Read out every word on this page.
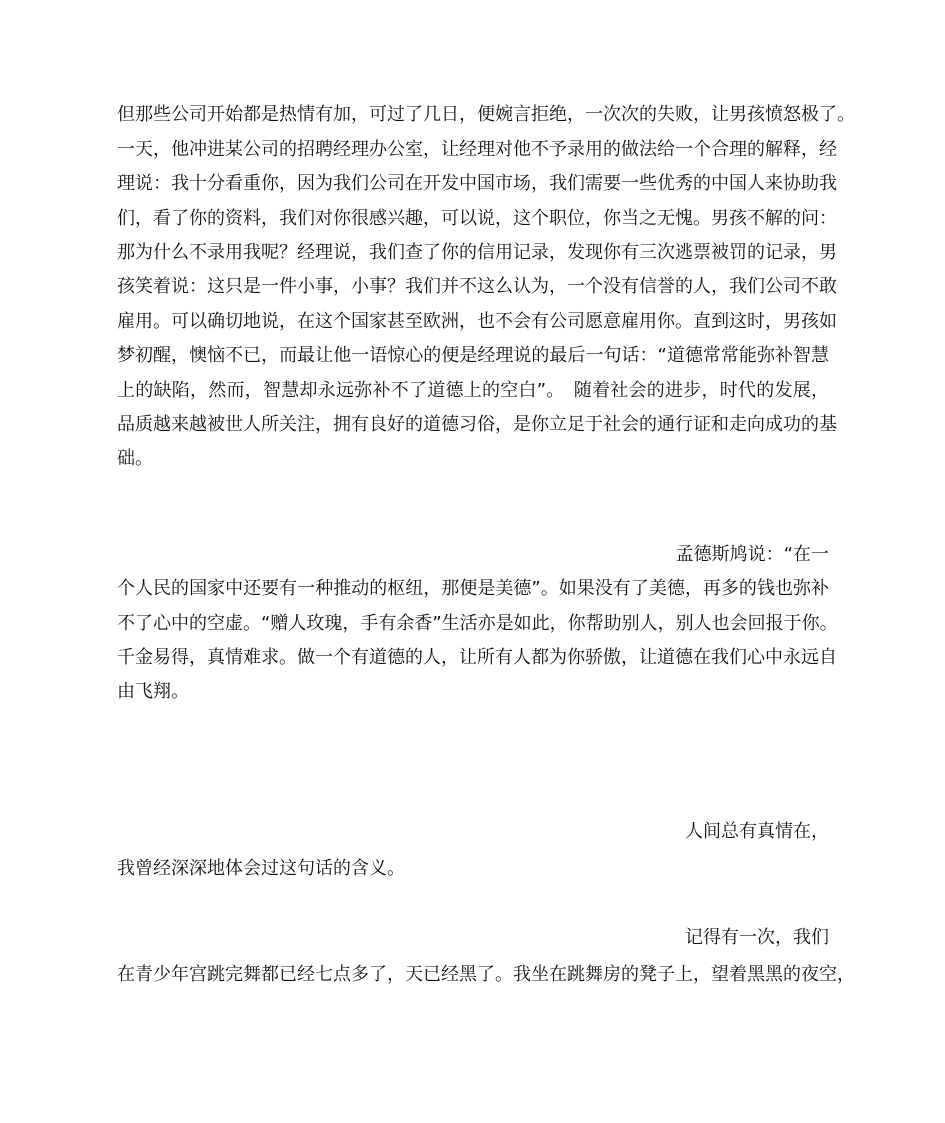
但那些公司开始都是热情有加，可过了几日，便婉言拒绝，一次次的失败，让男孩愤怒极了。
一天，他冲进某公司的招聘经理办公室，让经理对他不予录用的做法给一个合理的解释，经
理说：我十分看重你，因为我们公司在开发中国市场，我们需要一些优秀的中国人来协助我
们，看了你的资料，我们对你很感兴趣，可以说，这个职位，你当之无愧。男孩不解的问：
那为什么不录用我呢？经理说，我们查了你的信用记录，发现你有三次逃票被罚的记录，男
孩笑着说：这只是一件小事，小事？我们并不这么认为，一个没有信誉的人，我们公司不敢
雇用。可以确切地说，在这个国家甚至欧洲，也不会有公司愿意雇用你。直到这时，男孩如
梦初醒，懊恼不已，而最让他一语惊心的便是经理说的最后一句话：“道德常常能弥补智慧
上的缺陷，然而，智慧却永远弥补不了道德上的空白”。　随着社会的进步，时代的发展，
品质越来越被世人所关注，拥有良好的道德习俗，是你立足于社会的通行证和走向成功的基
础。
孟德斯鸠说：“在一
个人民的国家中还要有一种推动的枢纽，那便是美德”。如果没有了美德，再多的钱也弥补
不了心中的空虚。“赠人玫瑰，手有余香”生活亦是如此，你帮助别人，别人也会回报于你。
千金易得，真情难求。做一个有道德的人，让所有人都为你骄傲，让道德在我们心中永远自
由飞翔。
人间总有真情在，
我曾经深深地体会过这句话的含义。
记得有一次，我们
在青少年宫跳完舞都已经七点多了，天已经黑了。我坐在跳舞房的凳子上，望着黑黑的夜空，
